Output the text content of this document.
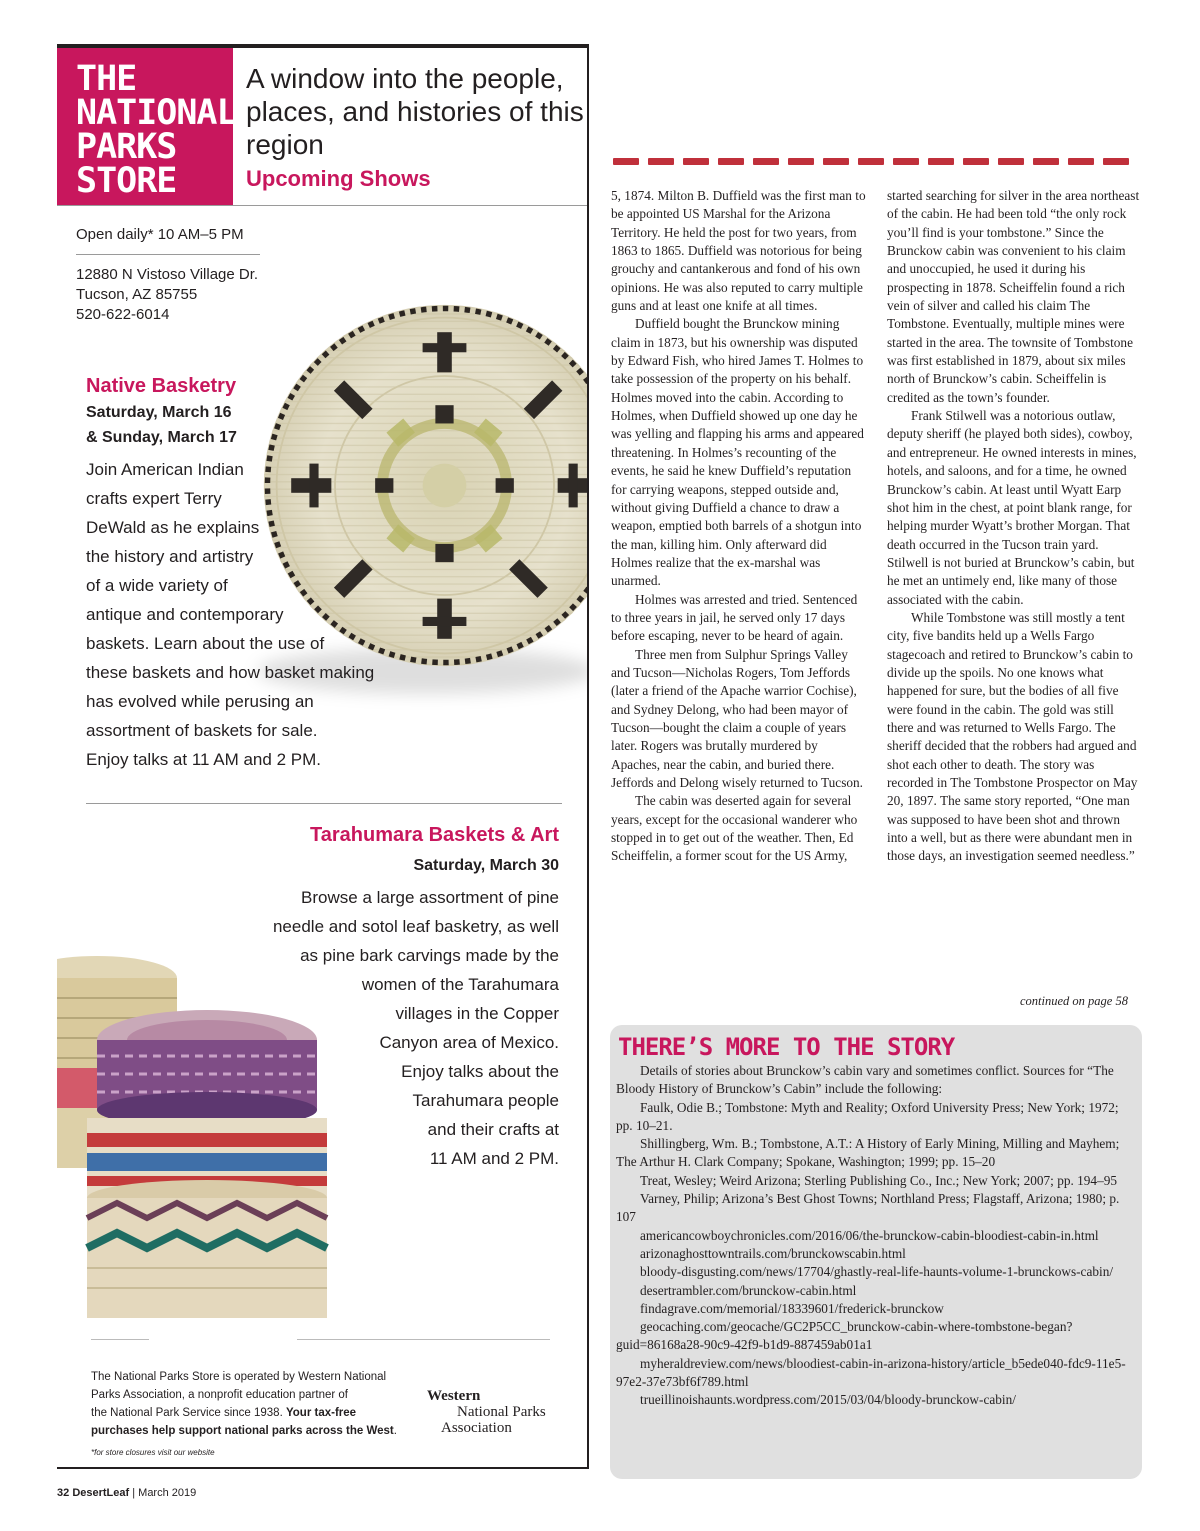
THE
NATIONAL
PARKS
STORE
A window into the people, places, and histories of this region
Upcoming Shows
Open daily* 10 AM–5 PM
12880 N Vistoso Village Dr.
Tucson, AZ 85755
520-622-6014
Native Basketry
Saturday, March 16
& Sunday, March 17
Join American Indian
crafts expert Terry
DeWald as he explains
the history and artistry
of a wide variety of
antique and contemporary
baskets. Learn about the use of
these baskets and how basket making
has evolved while perusing an
assortment of baskets for sale.
Enjoy talks at 11 AM and 2 PM.
Tarahumara Baskets & Art
Saturday, March 30
Browse a large assortment of pine
needle and sotol leaf basketry, as well
as pine bark carvings made by the
women of the Tarahumara
villages in the Copper
Canyon area of Mexico.
Enjoy talks about the
Tarahumara people
and their crafts at
11 AM and 2 PM.
The National Parks Store is operated by Western National
Parks Association, a nonprofit education partner of
the National Park Service since 1938. Your tax-free
purchases help support national parks across the West.
*for store closures visit our website
Western
National Parks
Association

5, 1874. Milton B. Duffield was the first man to be appointed US Marshal for the Arizona Territory. He held the post for two years, from 1863 to 1865. Duffield was notorious for being grouchy and cantankerous and fond of his own opinions. He was also reputed to carry multiple guns and at least one knife at all times.

Duffield bought the Brunckow mining claim in 1873, but his ownership was disputed by Edward Fish, who hired James T. Holmes to take possession of the property on his behalf. Holmes moved into the cabin. According to Holmes, when Duffield showed up one day he was yelling and flapping his arms and appeared threatening. In Holmes’s recounting of the events, he said he knew Duffield’s reputation for carrying weapons, stepped outside and, without giving Duffield a chance to draw a weapon, emptied both barrels of a shotgun into the man, killing him. Only afterward did Holmes realize that the ex-marshal was unarmed.

Holmes was arrested and tried. Sentenced to three years in jail, he served only 17 days before escaping, never to be heard of again.

Three men from Sulphur Springs Valley and Tucson—Nicholas Rogers, Tom Jeffords (later a friend of the Apache warrior Cochise), and Sydney Delong, who had been mayor of Tucson—bought the claim a couple of years later. Rogers was brutally murdered by Apaches, near the cabin, and buried there. Jeffords and Delong wisely returned to Tucson.

The cabin was deserted again for several years, except for the occasional wanderer who stopped in to get out of the weather. Then, Ed Scheiffelin, a former scout for the US Army,

started searching for silver in the area northeast of the cabin. He had been told “the only rock you’ll find is your tombstone.” Since the Brunckow cabin was convenient to his claim and unoccupied, he used it during his prospecting in 1878. Scheiffelin found a rich vein of silver and called his claim The Tombstone. Eventually, multiple mines were started in the area. The townsite of Tombstone was first established in 1879, about six miles north of Brunckow’s cabin. Scheiffelin is credited as the town’s founder.

Frank Stilwell was a notorious outlaw, deputy sheriff (he played both sides), cowboy, and entrepreneur. He owned interests in mines, hotels, and saloons, and for a time, he owned Brunckow’s cabin. At least until Wyatt Earp shot him in the chest, at point blank range, for helping murder Wyatt’s brother Morgan. That death occurred in the Tucson train yard. Stilwell is not buried at Brunckow’s cabin, but he met an untimely end, like many of those associated with the cabin.

While Tombstone was still mostly a tent city, five bandits held up a Wells Fargo stagecoach and retired to Brunckow’s cabin to divide up the spoils. No one knows what happened for sure, but the bodies of all five were found in the cabin. The gold was still there and was returned to Wells Fargo. The sheriff decided that the robbers had argued and shot each other to death. The story was recorded in The Tombstone Prospector on May 20, 1897. The same story reported, “One man was supposed to have been shot and thrown into a well, but as there were abundant men in those days, an investigation seemed needless.”

continued on page 58
THERE’S MORE TO THE STORY
Details of stories about Brunckow’s cabin vary and sometimes conflict. Sources for “The Bloody History of Brunckow’s Cabin” include the following:
Faulk, Odie B.; Tombstone: Myth and Reality; Oxford University Press; New York; 1972; pp. 10–21.
Shillingberg, Wm. B.; Tombstone, A.T.: A History of Early Mining, Milling and Mayhem; The Arthur H. Clark Company; Spokane, Washington; 1999; pp. 15–20
Treat, Wesley; Weird Arizona; Sterling Publishing Co., Inc.; New York; 2007; pp. 194–95
Varney, Philip; Arizona’s Best Ghost Towns; Northland Press; Flagstaff, Arizona; 1980; p. 107
americancowboychronicles.com/2016/06/the-brunckow-cabin-bloodiest-cabin-in.html
arizonaghosttowntrails.com/brunckowscabin.html
bloody-disgusting.com/news/17704/ghastly-real-life-haunts-volume-1-brunckows-cabin/
desertrambler.com/brunckow-cabin.html
findagrave.com/memorial/18339601/frederick-brunckow
geocaching.com/geocache/GC2P5CC_brunckow-cabin-where-tombstone-began?guid=86168a28-90c9-42f9-b1d9-887459ab01a1
myheraldreview.com/news/bloodiest-cabin-in-arizona-history/article_b5ede040-fdc9-11e5-97e2-37e73bf6f789.html
trueillinoishaunts.wordpress.com/2015/03/04/bloody-brunckow-cabin/
32 DesertLeaf | March 2019
